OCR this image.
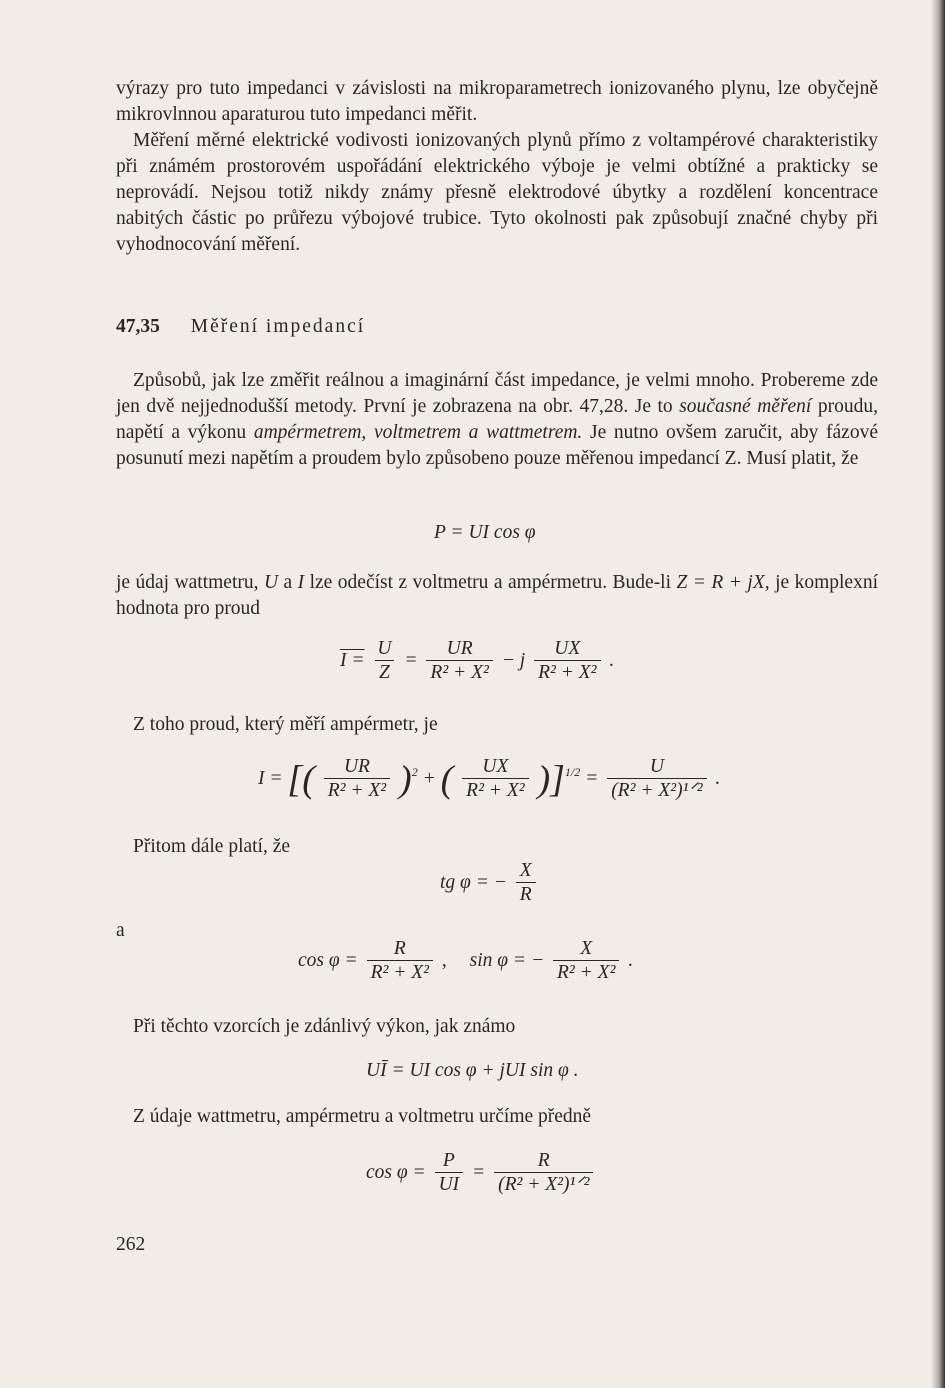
výrazy pro tuto impedanci v závislosti na mikroparametrech ionizovaného plynu, lze obyčejně mikrovlnnou aparaturou tuto impedanci měřit.

Měření měrné elektrické vodivosti ionizovaných plynů přímo z voltampérové charakteristiky při známém prostorovém uspořádání elektrického výboje je velmi obtížné a prakticky se neprovádí. Nejsou totiž nikdy známy přesně elektrodové úbytky a rozdělení koncentrace nabitých částic po průřezu výbojové trubice. Tyto okolnosti pak způsobují značné chyby při vyhodnocování měření.

47,35 Měření impedancí

Způsobů, jak lze změřit reálnou a imaginární část impedance, je velmi mnoho. Probereme zde jen dvě nejjednodušší metody. První je zobrazena na obr. 47,28. Je to současné měření proudu, napětí a výkonu ampérmetrem, voltmetrem a wattmetrem. Je nutno ovšem zaručit, aby fázové posunutí mezi napětím a proudem bylo způsobeno pouze měřenou impedancí Z. Musí platit, že

P = UI cos φ

je údaj wattmetru, U a I lze odečíst z voltmetru a ampérmetru. Bude-li Z = R + jX, je komplexní hodnota pro proud

$I = \frac{U}{Z} = \frac{UR}{\text{R² + X²}} - j \frac{UX}{\text{R² + X²}}$ .

Z toho proud, který měří ampérmetr, je

I = [( $\frac{UR}{\text{R² + X²}} )^2$ + ( $\frac{UX}{\text{R² + X²}} )]^{1/2} = \frac{U}{\text{(R² + X²)¹ᐟ²}}$ .

Přitom dále platí, že

tg φ = − $\frac{X}{R}$
a
$\cos \varphi = \frac{R}{\text{R² + X²}}$ , sin φ = − $\frac{X}{\text{R² + X²}}$ .

Při těchto vzorcích je zdánlivý výkon, jak známo

UĪ = UI cos φ + jUI sin φ .

Z údaje wattmetru, ampérmetru a voltmetru určíme předně

$\cos \varphi = \frac{P}{UI} = \frac{R}{\text{(R² + X²)¹ᐟ²}}$
262
